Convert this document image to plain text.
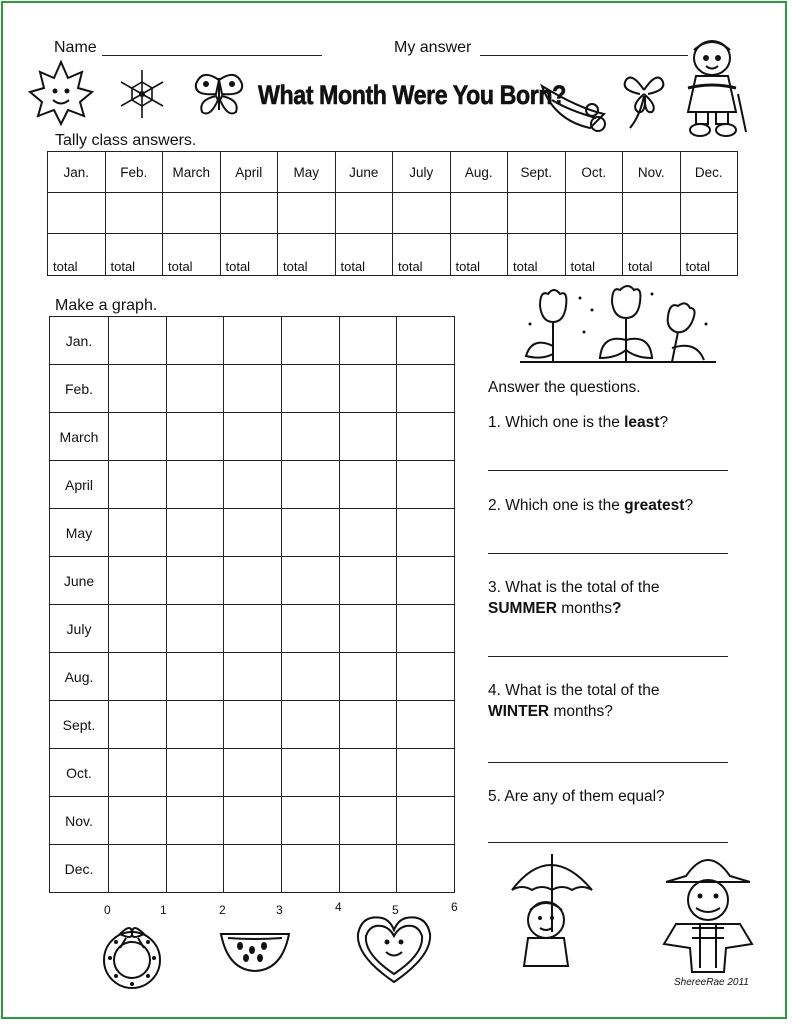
Name	My answer
What Month Were You Born?
Tally class answers.
Jan.	Feb.	March	April	May	June	July	Aug.	Sept.	Oct.	Nov.	Dec.

total	total	total	total	total	total	total	total	total	total	total	total
Make a graph.
Jan.						
Feb.						
March						
April						
May						
June						
July						
Aug.						
Sept.						
Oct.						
Nov.						
Dec.						
0	1	2	3	4	5	6
ShereeRae 2011
Answer the questions.
1. Which one is the least?
2. Which one is the greatest?
3. What is the total of the
SUMMER months?
4. What is the total of the
WINTER months?
5. Are any of them equal?
